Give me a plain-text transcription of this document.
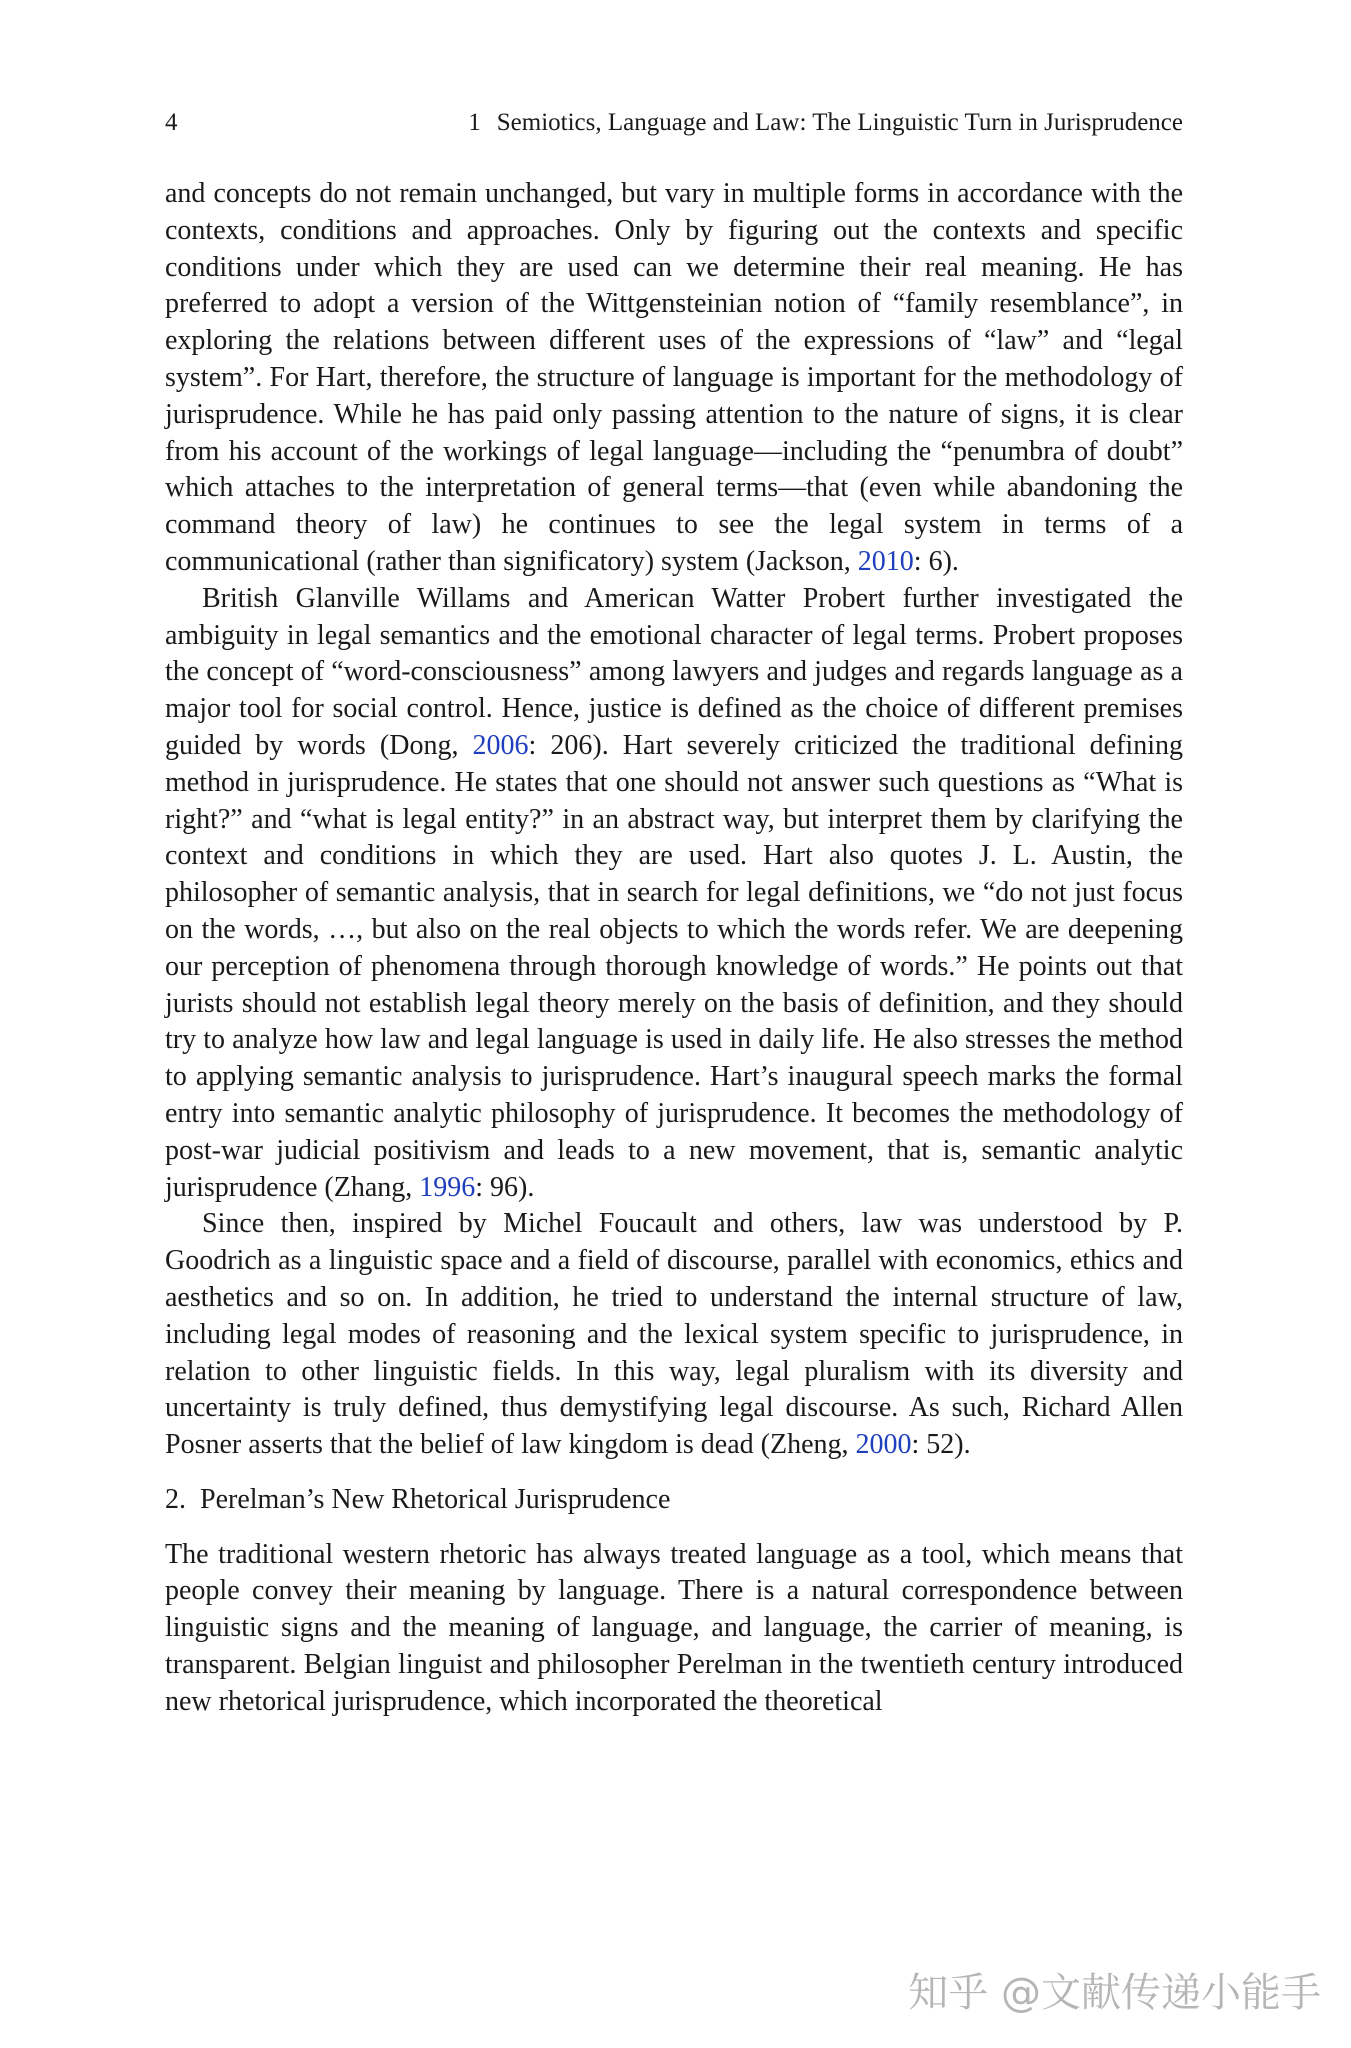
4	1 Semiotics, Language and Law: The Linguistic Turn in Jurisprudence

and concepts do not remain unchanged, but vary in multiple forms in accordance with the contexts, conditions and approaches. Only by figuring out the contexts and specific conditions under which they are used can we determine their real meaning. He has preferred to adopt a version of the Wittgensteinian notion of “family resemblance”, in exploring the relations between different uses of the expressions of “law” and “legal system”. For Hart, therefore, the structure of language is important for the methodology of jurisprudence. While he has paid only passing attention to the nature of signs, it is clear from his account of the workings of legal language—including the “penumbra of doubt” which attaches to the interpretation of general terms—that (even while abandoning the command theory of law) he continues to see the legal system in terms of a communicational (rather than significatory) system (Jackson, 2010: 6).

British Glanville Willams and American Watter Probert further investigated the ambiguity in legal semantics and the emotional character of legal terms. Probert proposes the concept of “word-consciousness” among lawyers and judges and regards language as a major tool for social control. Hence, justice is defined as the choice of different premises guided by words (Dong, 2006: 206). Hart severely criticized the traditional defining method in jurisprudence. He states that one should not answer such questions as “What is right?” and “what is legal entity?” in an abstract way, but interpret them by clarifying the context and conditions in which they are used. Hart also quotes J. L. Austin, the philosopher of semantic analysis, that in search for legal definitions, we “do not just focus on the words, …, but also on the real objects to which the words refer. We are deepening our perception of phenomena through thorough knowledge of words.” He points out that jurists should not establish legal theory merely on the basis of definition, and they should try to analyze how law and legal language is used in daily life. He also stresses the method to applying semantic analysis to jurisprudence. Hart’s inaugural speech marks the formal entry into semantic analytic philosophy of jurisprudence. It becomes the methodology of post-war judicial positivism and leads to a new movement, that is, semantic analytic jurisprudence (Zhang, 1996: 96).

Since then, inspired by Michel Foucault and others, law was understood by P. Goodrich as a linguistic space and a field of discourse, parallel with economics, ethics and aesthetics and so on. In addition, he tried to understand the internal structure of law, including legal modes of reasoning and the lexical system specific to jurisprudence, in relation to other linguistic fields. In this way, legal pluralism with its diversity and uncertainty is truly defined, thus demystifying legal discourse. As such, Richard Allen Posner asserts that the belief of law kingdom is dead (Zheng, 2000: 52).

2. Perelman’s New Rhetorical Jurisprudence

The traditional western rhetoric has always treated language as a tool, which means that people convey their meaning by language. There is a natural correspondence between linguistic signs and the meaning of language, and language, the carrier of meaning, is transparent. Belgian linguist and philosopher Perelman in the twentieth century introduced new rhetorical jurisprudence, which incorporated the theoretical

知乎 @文献传递小能手
